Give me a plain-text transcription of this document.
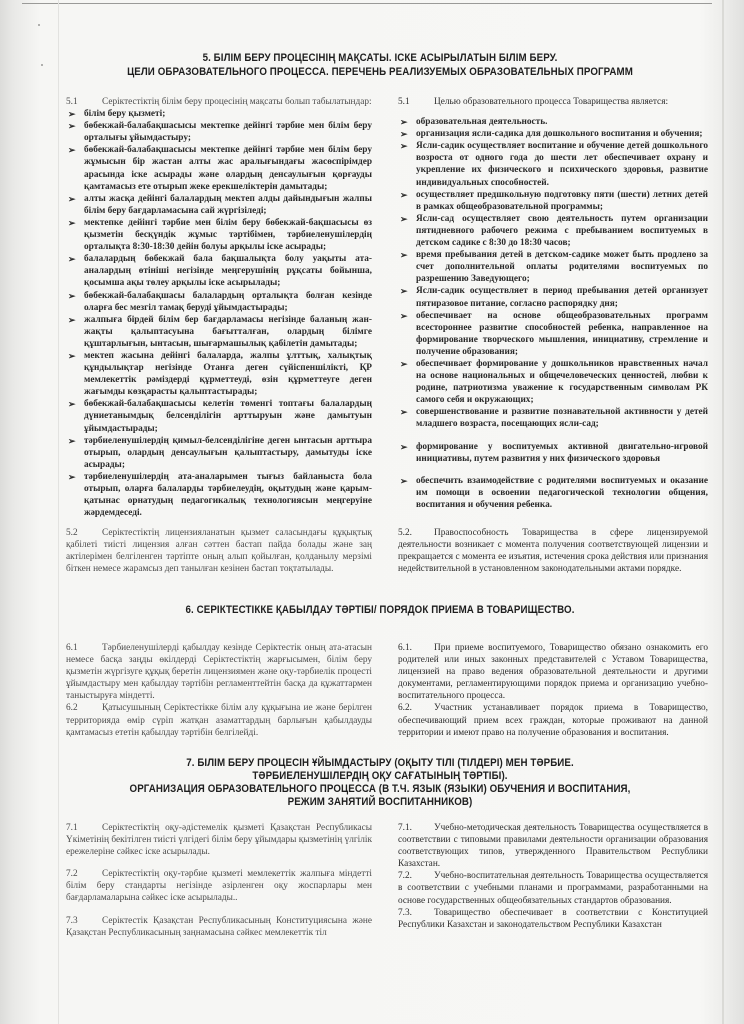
5. БІЛІМ БЕРУ ПРОЦЕСІНІҢ МАҚСАТЫ. ІСКЕ АСЫРЫЛАТЫН БІЛІМ БЕРУ.
ЦЕЛИ ОБРАЗОВАТЕЛЬНОГО ПРОЦЕССА. ПЕРЕЧЕНЬ РЕАЛИЗУЕМЫХ ОБРАЗОВАТЕЛЬНЫХ ПРОГРАММ

5.1	Серіктестіктің білім беру процесінің мақсаты болып табылатындар:

➢ білім беру қызметі;
➢ бөбекжай-балабақшасысы мектепке дейінгі тәрбие мен білім беру орталығы ұйымдастыру;
➢ бөбекжай-балабақшасысы мектепке дейінгі тәрбие мен білім беру жұмысын бір жастан алты жас аралығындағы жасөспірімдер арасында іске асырады және олардың денсаулығын қорғауды қамтамасыз ете отырып жеке ерекшеліктерін дамытады;
➢ алты жасқа дейінгі балалардың мектеп алды дайындығын жалпы білім беру бағдарламасына сай жүргізіледі;
➢ мектепке дейінгі тәрбие мен білім беру бөбекжай-бақшасысы өз қызметін бесқүндік жұмыс тәртібімен, тәрбиеленушілердің орталықта 8:30-18:30 дейін болуы арқылы іске асырады;
➢ балалардың бөбекжай бала бақшалықта болу уақыты ата-аналардың өтініші негізінде меңгерушінің рұқсаты бойынша, қосымша ақы төлеу арқылы іске асырылады;
➢ бөбекжай-балабақшасы балалардың орталықта болған кезінде оларға бес мезгіл тамақ беруді ұйымдастырады;
➢ жалпыға бірдей білім бер бағдарламасы негізінде баланың жан-жақты қалыптасуына бағытталған, олардың білімге құштарлығын, ынтасын, шығармашылық қабілетін дамытады;
➢ мектеп жасына дейінгі балаларда, жалпы ұлттық, халықтық құндылықтар негізінде Отанға деген сүйіспеншілікті, ҚР мемлекеттік рәміздерді құрметтеуді, өзін құрметтеуге деген жағымды көзқарасты қалыптастырады;
➢ бөбекжай-балабақшасысы келетін төменгі топтағы балалардың дүниетанымдық белсенділігін арттыруын және дамытуын ұйымдастырады;
➢ тәрбиеленушілердің қимыл-белсенділігіне деген ынтасын арттыра отырып, олардың денсаулығын қалыптастыру, дамытуды іске асырады;
➢ тәрбиеленушілердің ата-аналарымен тығыз байланыста бола отырып, оларға балаларды тәрбиелеудің, оқытудың және қарым-қатынас орнатудың педагогикалық технологиясын меңгеруіне жәрдемдеседі.
5.2	Серіктестіктің лицензияланатын қызмет саласындағы құқықтық қабілеті тиісті лицензия алған сәттен бастап пайда болады және заң актілерімен белгіленген тәртіпте оның алып қойылған, қолданылу мерзімі біткен немесе жарамсыз деп танылған кезінен бастап тоқтатылады.

5.1	Целью образовательного процесса Товарищества является:

➢ образовательная деятельность.
➢ организация ясли-садика для дошкольного воспитания и обучения;
➢ Ясли-садик осуществляет воспитание и обучение детей дошкольного возроста от одного года до шести лет обеспечивает охрану и укрепление их физического и психического здоровья, развитие индивидуальных способностей.
➢ осуществляет предшкольную подготовку пяти (шести) летних детей в рамках общеобразовательной программы;
➢ Ясли-сад осуществляет свою деятельность путем организации пятидневного рабочего режима с пребыванием воспитуемых в детском садике с 8:30 до 18:30 часов;
➢ время пребывания детей в детском-садике может быть продлено за счет дополнительной оплаты родителями воспитуемых по разрешению Заведующего;
➢ Ясли-садик осуществляет в период пребывания детей организует пятиразовое питание, согласно распорядку дня;
➢ обеспечивает на основе общеобразовательных программ всестороннее развитие способностей ребенка, направленное на формирование творческого мышления, инициативу, стремление и получение образования;
➢ обеспечивает формирование у дошкольников нравственных начал на основе национальных и общечеловеческих ценностей, любви к родине, патриотизма уважение к государственным символам РК самого себя и окружающих;
➢ совершенствование и развитие познавательной активности у детей младшего возраста, посещающих ясли-сад;
➢ формирование у воспитуемых активной двигательно-игровой инициативы, путем развития у них физического здоровья
➢ обеспечить взаимодействие с родителями воспитуемых и оказание им помощи в освоении педагогической технологии общения, воспитания и обучения ребенка.
5.2. Правоспособность Товарищества в сфере лицензируемой деятельности возникает с момента получения соответствующей лицензии и прекращается с момента ее изъятия, истечения срока действия или признания недействительной в установленном законодательными актами порядке.
6. СЕРІКТЕСТІККЕ ҚАБЫЛДАУ ТӘРТІБІ/ ПОРЯДОК ПРИЕМА В ТОВАРИЩЕСТВО.

6.1	Тәрбиеленушілерді қабылдау кезінде Серіктестік оның ата-атасын немесе басқа заңды өкілдерді Серіктестіктің жарғысымен, білім беру қызметін жүргізуге құқық беретін лицензиямен және оқу-тәрбиелік процесті ұйымдастыру мен қабылдау тәртібін регламенттейтін басқа да құжаттармен таныстыруға міндетті.

6.2	Қатысушының Серіктестікке білім алу құқығына ие және берілген территорияда өмір сүріп жатқан азаматтардың барлығын қабылдауды қамтамасыз ететін қабылдау тәртібін белгілейді.

6.1. При приеме воспитуемого, Товарищество обязано ознакомить его родителей или иных законных представителей с Уставом Товарищества, лицензией на право ведения образовательной деятельности и другими документами, регламентирующими порядок приема и организацию учебно-воспитательного процесса.

6.2. Участник устанавливает порядок приема в Товарищество, обеспечивающий прием всех граждан, которые проживают на данной территории и имеют право на получение образования и воспитания.

7. БІЛІМ БЕРУ ПРОЦЕСІН ҰЙЫМДАСТЫРУ (ОҚЫТУ ТІЛІ (ТІЛДЕРІ) МЕН ТӘРБИЕ.
ТӘРБИЕЛЕНУШІЛЕРДІҢ ОҚУ САҒАТЫНЫҢ ТӘРТІБІ).
ОРГАНИЗАЦИЯ ОБРАЗОВАТЕЛЬНОГО ПРОЦЕССА (В Т.Ч. ЯЗЫК (ЯЗЫКИ) ОБУЧЕНИЯ И ВОСПИТАНИЯ,
РЕЖИМ ЗАНЯТИЙ ВОСПИТАННИКОВ)

7.1	Серіктестіктің оқу-әдістемелік қызметі Қазақстан Республикасы Үкіметінің бекітілген тиісті үлгідегі білім беру ұйымдары қызметінің үлгілік ережелеріне сәйкес іске асырылады.

7.2	Серіктестіктің оқу-тәрбие қызметі мемлекеттік жалпыға міндетті білім беру стандарты негізінде әзірленген оқу жоспарлары мен бағдарламаларына сәйкес іске асырылады..

7.3	Серіктестік Қазақстан Республикасының Конституциясына және Қазақстан Республикасының заңнамасына сәйкес мемлекеттік тіл

7.1. Учебно-методическая деятельность Товарищества осуществляется в соответствии с типовыми правилами деятельности организации образования соответствующих типов, утвержденного Правительством Республики Казахстан.

7.2. Учебно-воспитательная деятельность Товарищества осуществляется в соответствии с учебными планами и программами, разработанными на основе государственных общеобязательных стандартов образования.

7.3. Товарищество обеспечивает в соответствии с Конституцией Республики Казахстан и законодательством Республики Казахстан
